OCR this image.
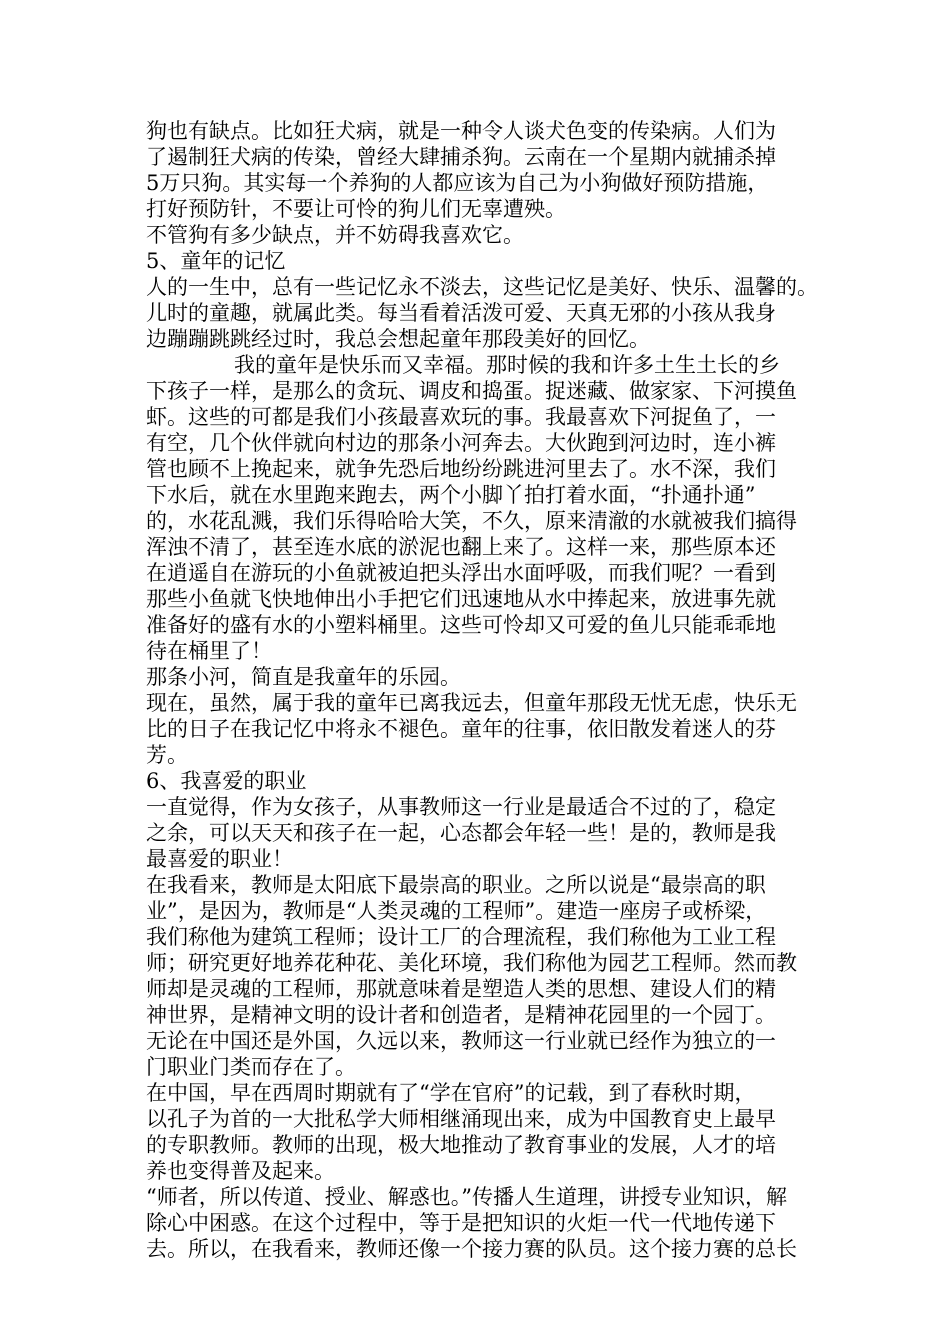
狗也有缺点。比如狂犬病，就是一种令人谈犬色变的传染病。人们为
了遏制狂犬病的传染，曾经大肆捕杀狗。云南在一个星期内就捕杀掉
5万只狗。其实每一个养狗的人都应该为自己为小狗做好预防措施，
打好预防针，不要让可怜的狗儿们无辜遭殃。
不管狗有多少缺点，并不妨碍我喜欢它。
5、童年的记忆
人的一生中，总有一些记忆永不淡去，这些记忆是美好、快乐、温馨的。
儿时的童趣，就属此类。每当看着活泼可爱、天真无邪的小孩从我身
边蹦蹦跳跳经过时，我总会想起童年那段美好的回忆。
我的童年是快乐而又幸福。那时候的我和许多土生土长的乡
下孩子一样，是那么的贪玩、调皮和捣蛋。捉迷藏、做家家、下河摸鱼
虾。这些的可都是我们小孩最喜欢玩的事。我最喜欢下河捉鱼了，一
有空，几个伙伴就向村边的那条小河奔去。大伙跑到河边时，连小裤
管也顾不上挽起来，就争先恐后地纷纷跳进河里去了。水不深，我们
下水后，就在水里跑来跑去，两个小脚丫拍打着水面，“扑通扑通”
的，水花乱溅，我们乐得哈哈大笑，不久，原来清澈的水就被我们搞得
浑浊不清了，甚至连水底的淤泥也翻上来了。这样一来，那些原本还
在逍遥自在游玩的小鱼就被迫把头浮出水面呼吸，而我们呢？一看到
那些小鱼就飞快地伸出小手把它们迅速地从水中捧起来，放进事先就
准备好的盛有水的小塑料桶里。这些可怜却又可爱的鱼儿只能乖乖地
待在桶里了！
那条小河，简直是我童年的乐园。
现在，虽然，属于我的童年已离我远去，但童年那段无忧无虑，快乐无
比的日子在我记忆中将永不褪色。童年的往事，依旧散发着迷人的芬
芳。
6、我喜爱的职业
一直觉得，作为女孩子，从事教师这一行业是最适合不过的了，稳定
之余，可以天天和孩子在一起，心态都会年轻一些！是的，教师是我
最喜爱的职业！
在我看来，教师是太阳底下最崇高的职业。之所以说是“最崇高的职
业”，是因为，教师是“人类灵魂的工程师”。建造一座房子或桥梁，
我们称他为建筑工程师；设计工厂的合理流程，我们称他为工业工程
师；研究更好地养花种花、美化环境，我们称他为园艺工程师。然而教
师却是灵魂的工程师，那就意味着是塑造人类的思想、建设人们的精
神世界，是精神文明的设计者和创造者，是精神花园里的一个园丁。
无论在中国还是外国，久远以来，教师这一行业就已经作为独立的一
门职业门类而存在了。
在中国，早在西周时期就有了“学在官府”的记载，到了春秋时期，
以孔子为首的一大批私学大师相继涌现出来，成为中国教育史上最早
的专职教师。教师的出现，极大地推动了教育事业的发展，人才的培
养也变得普及起来。
“师者，所以传道、授业、解惑也。”传播人生道理，讲授专业知识，解
除心中困惑。在这个过程中，等于是把知识的火炬一代一代地传递下
去。所以，在我看来，教师还像一个接力赛的队员。这个接力赛的总长
